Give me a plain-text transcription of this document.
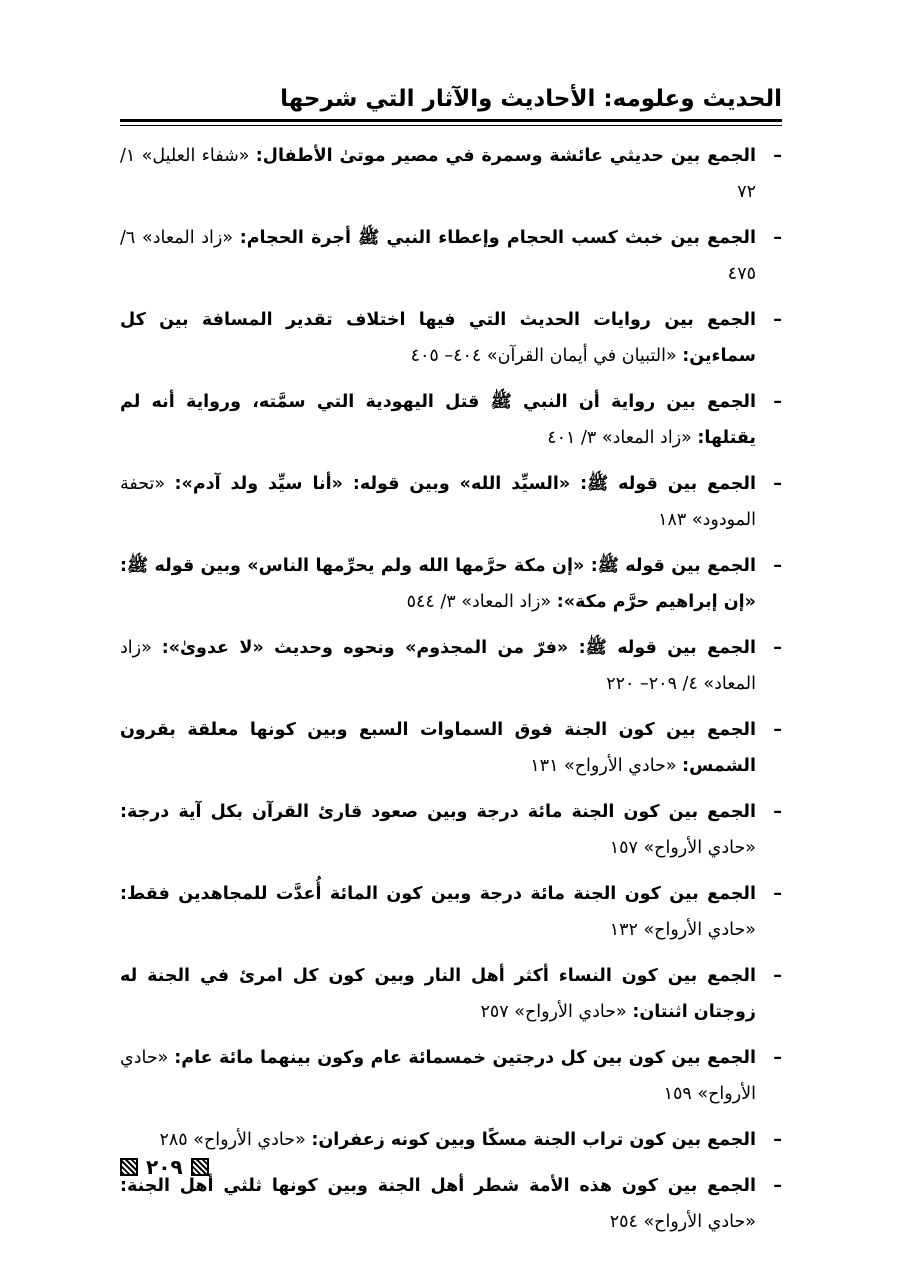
الحديث وعلومه: الأحاديث والآثار التي شرحها
–
الجمع بين حديثي عائشة وسمرة في مصير موتىٰ الأطفال: «شفاء العليل» ١/ ٧٢
–
الجمع بين خبث كسب الحجام وإعطاء النبي ﷺ أجرة الحجام: «زاد المعاد» ٦/ ٤٧٥
–
الجمع بين روايات الحديث التي فيها اختلاف تقدير المسافة بين كل سماءين: «التبيان في أيمان القرآن» ٤٠٤– ٤٠٥
–
الجمع بين رواية أن النبي ﷺ قتل اليهودية التي سمَّته، ورواية أنه لم يقتلها: «زاد المعاد» ٣/ ٤٠١
–
الجمع بين قوله ﷺ: «السيِّد الله» وبين قوله: «أنا سيِّد ولد آدم»: «تحفة المودود» ١٨٣
–
الجمع بين قوله ﷺ: «إن مكة حرَّمها الله ولم يحرِّمها الناس» وبين قوله ﷺ: «إن إبراهيم حرَّم مكة»: «زاد المعاد» ٣/ ٥٤٤
–
الجمع بين قوله ﷺ: «فرّ من المجذوم» ونحوه وحديث «لا عدوىٰ»: «زاد المعاد» ٤/ ٢٠٩– ٢٢٠
–
الجمع بين كون الجنة فوق السماوات السبع وبين كونها معلقة بقرون الشمس: «حادي الأرواح» ١٣١
–
الجمع بين كون الجنة مائة درجة وبين صعود قارئ القرآن بكل آية درجة: «حادي الأرواح» ١٥٧
–
الجمع بين كون الجنة مائة درجة وبين كون المائة أُعدَّت للمجاهدين فقط: «حادي الأرواح» ١٣٢
–
الجمع بين كون النساء أكثر أهل النار وبين كون كل امرئ في الجنة له زوجتان اثنتان: «حادي الأرواح» ٢٥٧
–
الجمع بين كون بين كل درجتين خمسمائة عام وكون بينهما مائة عام: «حادي الأرواح» ١٥٩
–
الجمع بين كون تراب الجنة مسكًا وبين كونه زعفران: «حادي الأرواح» ٢٨٥
–
الجمع بين كون هذه الأمة شطر أهل الجنة وبين كونها ثلثي أهل الجنة: «حادي الأرواح» ٢٥٤
٢٠٩
